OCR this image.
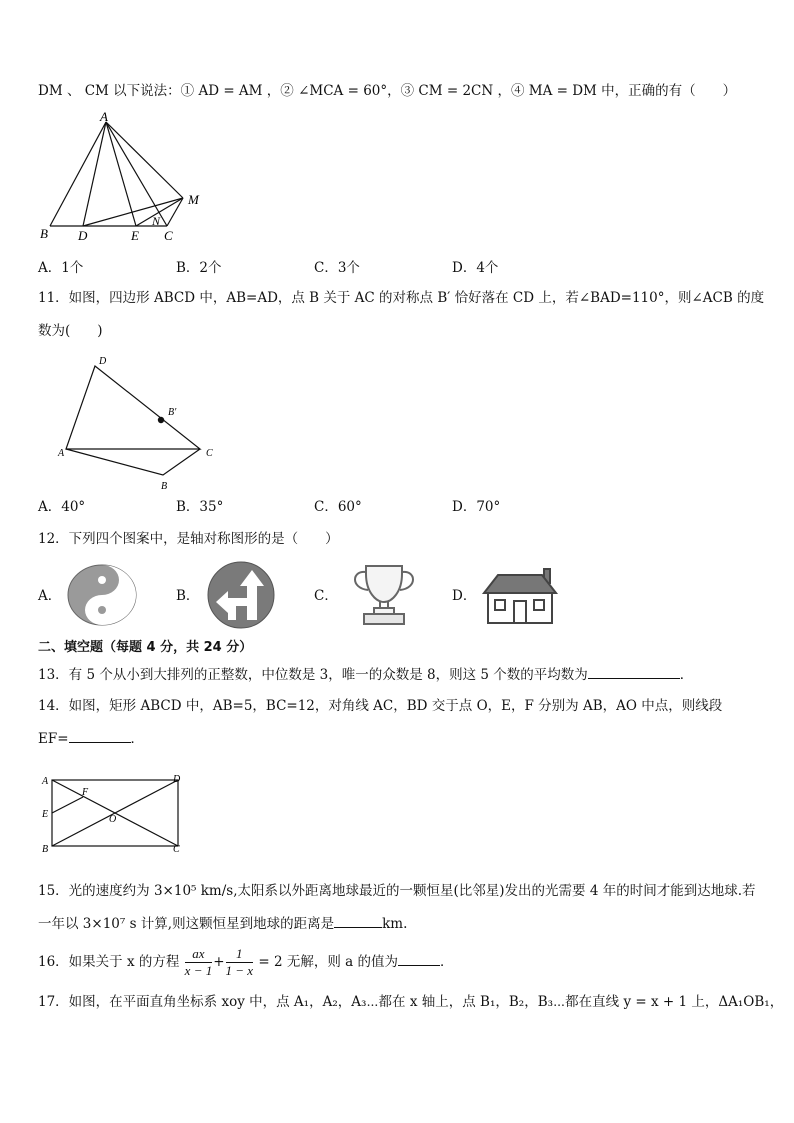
DM 、 CM 以下说法：① AD = AM ，② ∠MCA = 60°，③ CM = 2CN ，④ MA = DM 中，正确的有（　　）
A
B D	E C
N
M
A．1个	B．2个	C．3个	D．4个
11．如图，四边形 ABCD 中，AB=AD，点 B 关于 AC 的对称点 B′ 恰好落在 CD 上，若∠BAD=110°，则∠ACB 的度
数为(　　)
D
B′
A	C
B
A．40°	B．35°	C．60°	D．70°
12．下列四个图案中，是轴对称图形的是（　　）
A．	B．	C．	D．
二、填空题（每题 4 分，共 24 分）
13．有 5 个从小到大排列的正整数，中位数是 3，唯一的众数是 8，则这 5 个数的平均数为	．
14．如图，矩形 ABCD 中，AB=5，BC=12，对角线 AC，BD 交于点 O，E，F 分别为 AB，AO 中点，则线段
EF=	．
A	D
E
F
O
B	C
15．光的速度约为 3×10⁵ km/s,太阳系以外距离地球最近的一颗恒星(比邻星)发出的光需要 4 年的时间才能到达地球.若
一年以 3×10⁷ s 计算,则这颗恒星到地球的距离是	km.
16．如果关于 x 的方程 $\frac{ax}{x - 1} + \frac{1}{1 - x} = 2$ 无解，则 a 的值为	．
17．如图，在平面直角坐标系 xoy 中，点 A₁，A₂，A₃⋯都在 x 轴上，点 B₁，B₂，B₃⋯都在直线 y = x + 1 上，ΔA₁OB₁，
